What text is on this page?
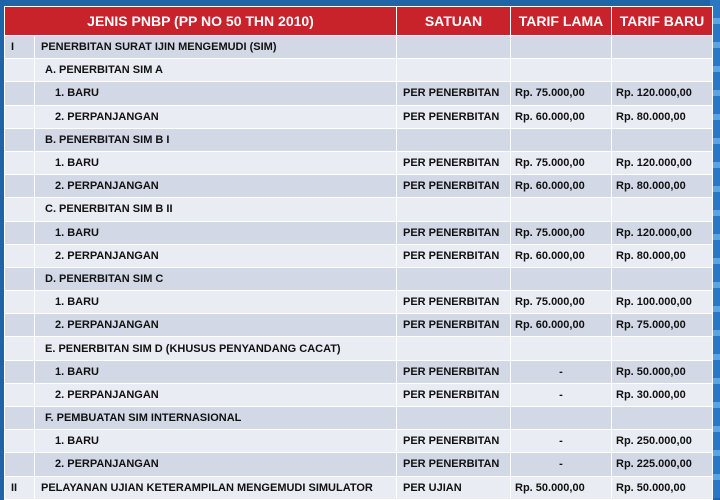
JENIS PNBP (PP NO 50 THN 2010)		SATUAN	TARIF LAMA	TARIF BARU
I	PENERBITAN SURAT IJIN MENGEMUDI (SIM)			
	A. PENERBITAN SIM A			
	1. BARU	PER PENERBITAN	Rp. 75.000,00	Rp. 120.000,00
	2. PERPANJANGAN	PER PENERBITAN	Rp. 60.000,00	Rp. 80.000,00
	B. PENERBITAN SIM B I			
	1. BARU	PER PENERBITAN	Rp. 75.000,00	Rp. 120.000,00
	2. PERPANJANGAN	PER PENERBITAN	Rp. 60.000,00	Rp. 80.000,00
	C. PENERBITAN SIM B II			
	1. BARU	PER PENERBITAN	Rp. 75.000,00	Rp. 120.000,00
	2. PERPANJANGAN	PER PENERBITAN	Rp. 60.000,00	Rp. 80.000,00
	D. PENERBITAN SIM C			
	1. BARU	PER PENERBITAN	Rp. 75.000,00	Rp. 100.000,00
	2. PERPANJANGAN	PER PENERBITAN	Rp. 60.000,00	Rp. 75.000,00
	E. PENERBITAN SIM D (KHUSUS PENYANDANG CACAT)			
	1. BARU	PER PENERBITAN	-	Rp. 50.000,00
	2. PERPANJANGAN	PER PENERBITAN	-	Rp. 30.000,00
	F. PEMBUATAN SIM INTERNASIONAL			
	1. BARU	PER PENERBITAN	-	Rp. 250.000,00
	2. PERPANJANGAN	PER PENERBITAN	-	Rp. 225.000,00
II	PELAYANAN UJIAN KETERAMPILAN MENGEMUDI SIMULATOR	PER UJIAN	Rp. 50.000,00	Rp. 50.000,00
